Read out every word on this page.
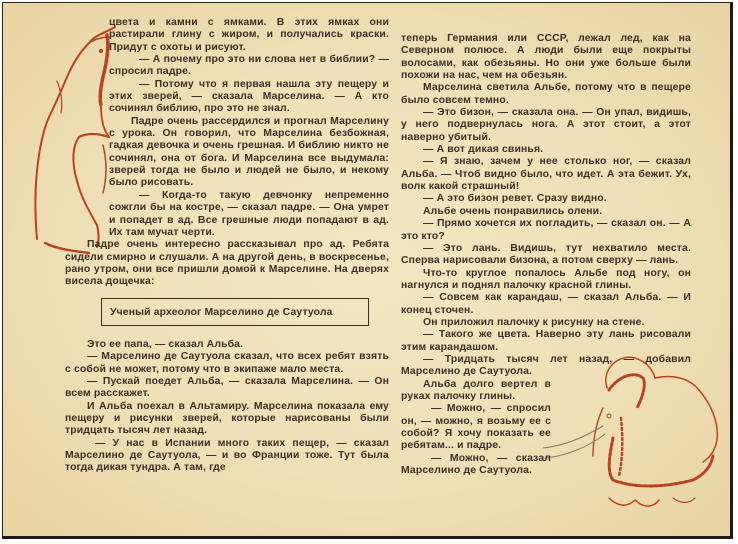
цвета и камни с ямками. В этих ямках они растирали глину с жиром, и получались краски. Придут с охоты и рисуют.

— А почему про это ни слова нет в библии? — спросил падре.

— Потому что я первая нашла эту пещеру и этих зверей, — сказала Марселина. — А кто сочинял библию, про это не знал.

Падре очень рассердился и прогнал Марселину с урока. Он говорил, что Марселина безбожная, гадкая девочка и очень грешная. И библию никто не сочинял, она от бога. И Марселина все выдумала: зверей тогда не было и людей не было, и некому было рисовать.

— Когда-то такую девчонку непременно сожгли бы на костре, — сказал падре. — Она умрет и попадет в ад. Все грешные люди попадают в ад. Их там мучат черти.

Падре очень интересно рассказывал про ад. Ребята сидели смирно и слушали. А на другой день, в воскресенье, рано утром, они все пришли домой к Марселине. На дверях висела дощечка:

Ученый археолог Марселино де Саутуола

Это ее папа, — сказал Альба.

— Марселино де Саутуола сказал, что всех ребят взять с собой не может, потому что в экипаже мало места.

— Пускай поедет Альба, — сказала Марселина. — Он всем расскажет.

И Альба поехал в Альтамиру. Марселина показала ему пещеру и рисунки зверей, которые нарисованы были тридцать тысяч лет назад.

— У нас в Испании много таких пещер, — сказал Марселино де Саутуола, — и во Франции тоже. Тут была тогда дикая тундра. А там, где

теперь Германия или СССР, лежал лед, как на Северном полюсе. А люди были еще покрыты волосами, как обезьяны. Но они уже больше были похожи на нас, чем на обезьян.

Марселина светила Альбе, потому что в пещере было совсем темно.

— Это бизон, — сказала она. — Он упал, видишь, у него подвернулась нога. А этот стоит, а этот наверно убитый.

— А вот дикая свинья.

— Я знаю, зачем у нее столько ног, — сказал Альба. — Чтоб видно было, что идет. А эта бежит. Ух, волк какой страшный!

— А это бизон ревет. Сразу видно.

Альбе очень понравились олени.

— Прямо хочется их погладить, — сказал он. — А это кто?

— Это лань. Видишь, тут нехватило места. Сперва нарисовали бизона, а потом сверху — лань.

Что-то круглое попалось Альбе под ногу, он нагнулся и поднял палочку красной глины.

— Совсем как карандаш, — сказал Альба. — И конец сточен.

Он приложил палочку к рисунку на стене.

— Такого же цвета. Наверно эту лань рисовали этим карандашом.

— Тридцать тысяч лет назад, — добавил Марселино де Саутуола.

Альба долго вертел в руках палочку глины.

— Можно, — спросил он, — можно, я возьму ее с собой? Я хочу показать ее ребятам... и падре.

— Можно, — сказал Марселино де Саутуола.
